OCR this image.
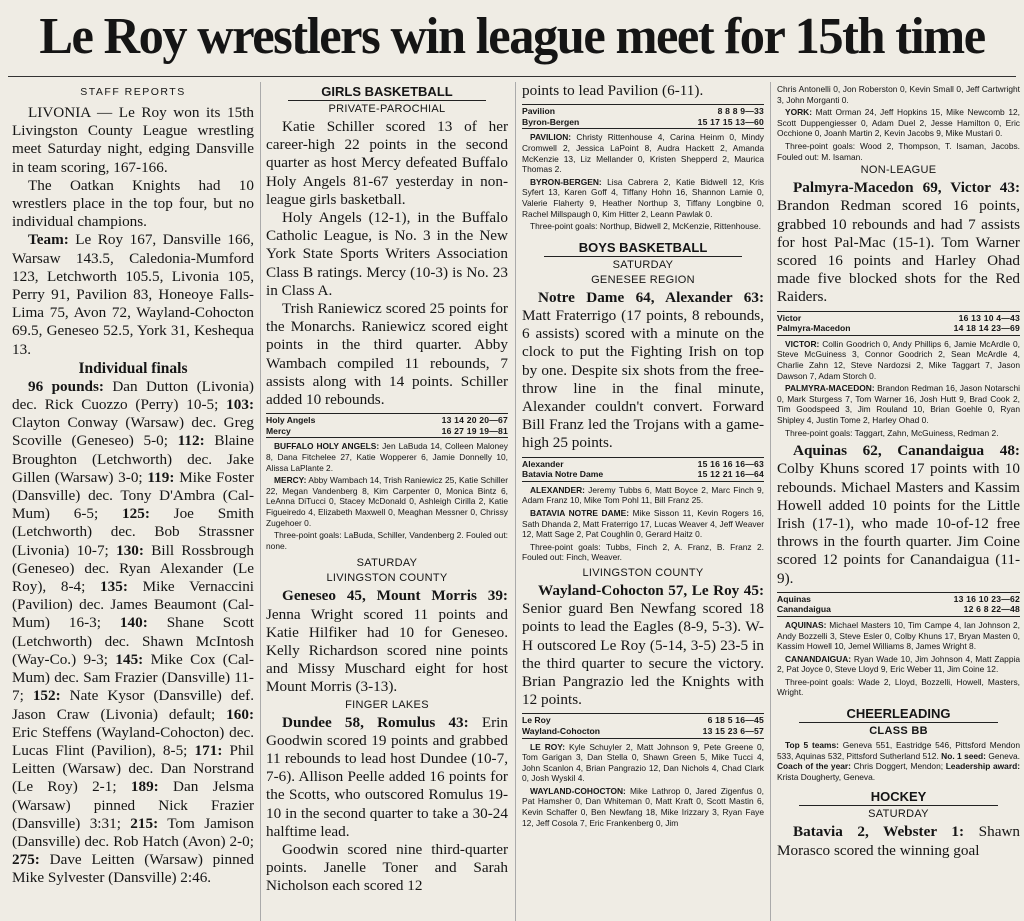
Le Roy wrestlers win league meet for 15th time
STAFF REPORTS

LIVONIA — Le Roy won its 15th Livingston County League wrestling meet Saturday night, edging Dansville in team scoring, 167-166.

The Oatkan Knights had 10 wrestlers place in the top four, but no individual champions.

Team: Le Roy 167, Dansville 166, Warsaw 143.5, Caledonia-Mumford 123, Letchworth 105.5, Livonia 105, Perry 91, Pavilion 83, Honeoye Falls-Lima 75, Avon 72, Wayland-Cohocton 69.5, Geneseo 52.5, York 31, Keshequa 13.

Individual finals

96 pounds: Dan Dutton (Livonia) dec. Rick Cuozzo (Perry) 10-5; 103: Clayton Conway (Warsaw) dec. Greg Scoville (Geneseo) 5-0; 112: Blaine Broughton (Letchworth) dec. Jake Gillen (Warsaw) 3-0; 119: Mike Foster (Dansville) dec. Tony D'Ambra (Cal-Mum) 6-5; 125: Joe Smith (Letchworth) dec. Bob Strassner (Livonia) 10-7; 130: Bill Rossbrough (Geneseo) dec. Ryan Alexander (Le Roy), 8-4; 135: Mike Vernaccini (Pavilion) dec. James Beaumont (Cal-Mum) 16-3; 140: Shane Scott (Letchworth) dec. Shawn McIntosh (Way-Co.) 9-3; 145: Mike Cox (Cal-Mum) dec. Sam Frazier (Dansville) 11-7; 152: Nate Kysor (Dansville) def. Jason Craw (Livonia) default; 160: Eric Steffens (Wayland-Cohocton) dec. Lucas Flint (Pavilion), 8-5; 171: Phil Leitten (Warsaw) dec. Dan Norstrand (Le Roy) 2-1; 189: Dan Jelsma (Warsaw) pinned Nick Frazier (Dansville) 3:31; 215: Tom Jamison (Dansville) dec. Rob Hatch (Avon) 2-0; 275: Dave Leitten (Warsaw) pinned Mike Sylvester (Dansville) 2:46.

GIRLS BASKETBALL
PRIVATE-PAROCHIAL

Katie Schiller scored 13 of her career-high 22 points in the second quarter as host Mercy defeated Buffalo Holy Angels 81-67 yesterday in non-league girls basketball.

Holy Angels (12-1), in the Buffalo Catholic League, is No. 3 in the New York State Sports Writers Association Class B ratings. Mercy (10-3) is No. 23 in Class A.

Trish Raniewicz scored 25 points for the Monarchs. Raniewicz scored eight points in the third quarter. Abby Wambach compiled 11 rebounds, 7 assists along with 14 points. Schiller added 10 rebounds.

Holy Angels	13 14 20 20—67
Mercy	16 27 19 19—81
BUFFALO HOLY ANGELS: Jen LaBuda 14, Colleen Maloney 8, Dana Fitchelee 27, Katie Wopperer 6, Jamie Donnelly 10, Alissa LaPlante 2.
MERCY: Abby Wambach 14, Trish Raniewicz 25, Katie Schiller 22, Megan Vandenberg 8, Kim Carpenter 0, Monica Bintz 6, LeAnna DiTucci 0, Stacey McDonald 0, Ashleigh Cirilla 2, Katie Figueiredo 4, Elizabeth Maxwell 0, Meaghan Messner 0, Chrissy Zugehoer 0.
Three-point goals: LaBuda, Schiller, Vandenberg 2. Fouled out: none.
SATURDAY
LIVINGSTON COUNTY

Geneseo 45, Mount Morris 39: Jenna Wright scored 11 points and Katie Hilfiker had 10 for Geneseo. Kelly Richardson scored nine points and Missy Muschard eight for host Mount Morris (3-13).

FINGER LAKES

Dundee 58, Romulus 43: Erin Goodwin scored 19 points and grabbed 11 rebounds to lead host Dundee (10-7, 7-6). Allison Peelle added 16 points for the Scotts, who outscored Romulus 19-10 in the second quarter to take a 30-24 halftime lead.

Goodwin scored nine third-quarter points. Janelle Toner and Sarah Nicholson each scored 12

points to lead Pavilion (6-11).

Pavilion	8 8 8 9—33
Byron-Bergen	15 17 15 13—60
PAVILION: Christy Rittenhouse 4, Carina Heinm 0, Mindy Cromwell 2, Jessica LaPoint 8, Audra Hackett 2, Amanda McKenzie 13, Liz Mellander 0, Kristen Shepperd 2, Maurica Thomas 2.
BYRON-BERGEN: Lisa Cabrera 2, Katie Bidwell 12, Kris Syfert 13, Karen Goff 4, Tiffany Hohn 16, Shannon Lamie 0, Valerie Flaherty 9, Heather Northup 3, Tiffany Longbine 0, Rachel Millspaugh 0, Kim Hitter 2, Leann Pawlak 0.
Three-point goals: Northup, Bidwell 2, McKenzie, Rittenhouse.
BOYS BASKETBALL
SATURDAY
GENESEE REGION

Notre Dame 64, Alexander 63: Matt Fraterrigo (17 points, 8 rebounds, 6 assists) scored with a minute on the clock to put the Fighting Irish on top by one. Despite six shots from the free-throw line in the final minute, Alexander couldn't convert. Forward Bill Franz led the Trojans with a game-high 25 points.

Alexander	15 16 16 16—63
Batavia Notre Dame	15 12 21 16—64
ALEXANDER: Jeremy Tubbs 6, Matt Boyce 2, Marc Finch 9, Adam Franz 10, Mike Tom Pohl 11, Bill Franz 25.
BATAVIA NOTRE DAME: Mike Sisson 11, Kevin Rogers 16, Sath Dhanda 2, Matt Fraterrigo 17, Lucas Weaver 4, Jeff Weaver 12, Matt Sage 2, Pat Coughlin 0, Gerard Haitz 0.
Three-point goals: Tubbs, Finch 2, A. Franz, B. Franz 2. Fouled out: Finch, Weaver.
LIVINGSTON COUNTY

Wayland-Cohocton 57, Le Roy 45: Senior guard Ben Newfang scored 18 points to lead the Eagles (8-9, 5-3). W-H outscored Le Roy (5-14, 3-5) 23-5 in the third quarter to secure the victory. Brian Pangrazio led the Knights with 12 points.

Le Roy	6 18 5 16—45
Wayland-Cohocton	13 15 23 6—57
LE ROY: Kyle Schuyler 2, Matt Johnson 9, Pete Greene 0, Tom Garigan 3, Dan Stella 0, Shawn Green 5, Mike Tucci 4, John Scanlon 4, Brian Pangrazio 12, Dan Nichols 4, Chad Clark 0, Josh Wyskil 4.
WAYLAND-COHOCTON: Mike Lathrop 0, Jared Zigenfus 0, Pat Hamsher 0, Dan Whiteman 0, Matt Kraft 0, Scott Mastin 6, Kevin Schaffer 0, Ben Newfang 18, Mike Irizzary 3, Ryan Faye 12, Jeff Cosola 7, Eric Frankenberg 0, Jim
Chris Antonelli 0, Jon Roberston 0, Kevin Small 0, Jeff Cartwright 3, John Morganti 0.
YORK: Matt Orman 24, Jeff Hopkins 15, Mike Newcomb 12, Scott Duppengiesser 0, Adam Duel 2, Jesse Hamilton 0, Eric Occhione 0, Joanh Martin 2, Kevin Jacobs 9, Mike Mustari 0.
Three-point goals: Wood 2, Thompson, T. Isaman, Jacobs. Fouled out: M. Isaman.
NON-LEAGUE

Palmyra-Macedon 69, Victor 43: Brandon Redman scored 16 points, grabbed 10 rebounds and had 7 assists for host Pal-Mac (15-1). Tom Warner scored 16 points and Harley Ohad made five blocked shots for the Red Raiders.

Victor	16 13 10 4—43
Palmyra-Macedon	14 18 14 23—69
VICTOR: Collin Goodrich 0, Andy Phillips 6, Jamie McArdle 0, Steve McGuiness 3, Connor Goodrich 2, Sean McArdle 4, Charlie Zahn 12, Steve Nardozsi 2, Mike Taggart 7, Jason Dawson 7, Adam Storch 0.
PALMYRA-MACEDON: Brandon Redman 16, Jason Notarschi 0, Mark Sturgess 7, Tom Warner 16, Josh Hutt 9, Brad Cook 2, Tim Goodspeed 3, Jim Rouland 10, Brian Goehle 0, Ryan Shipley 4, Justin Tome 2, Harley Ohad 0.
Three-point goals: Taggart, Zahn, McGuiness, Redman 2.

Aquinas 62, Canandaigua 48: Colby Khuns scored 17 points with 10 rebounds. Michael Masters and Kassim Howell added 10 points for the Little Irish (17-1), who made 10-of-12 free throws in the fourth quarter. Jim Coine scored 12 points for Canandaigua (11-9).

Aquinas	13 16 10 23—62
Canandaigua	12 6 8 22—48
AQUINAS: Michael Masters 10, Tim Campe 4, Ian Johnson 2, Andy Bozzelli 3, Steve Esler 0, Colby Khuns 17, Bryan Masten 0, Kassim Howell 10, Jemel Williams 8, James Wright 8.
CANANDAIGUA: Ryan Wade 10, Jim Johnson 4, Matt Zappia 2, Pat Joyce 0, Steve Lloyd 9, Eric Weber 11, Jim Coine 12.
Three-point goals: Wade 2, Lloyd, Bozzelli, Howell, Masters, Wright.
CHEERLEADING
CLASS BB
Top 5 teams: Geneva 551, Eastridge 546, Pittsford Mendon 533, Aquinas 532, Pittsford Sutherland 512. No. 1 seed: Geneva. Coach of the year: Chris Doggert, Mendon; Leadership award: Krista Dougherty, Geneva.
HOCKEY
SATURDAY

Batavia 2, Webster 1: Shawn Morasco scored the winning goal
